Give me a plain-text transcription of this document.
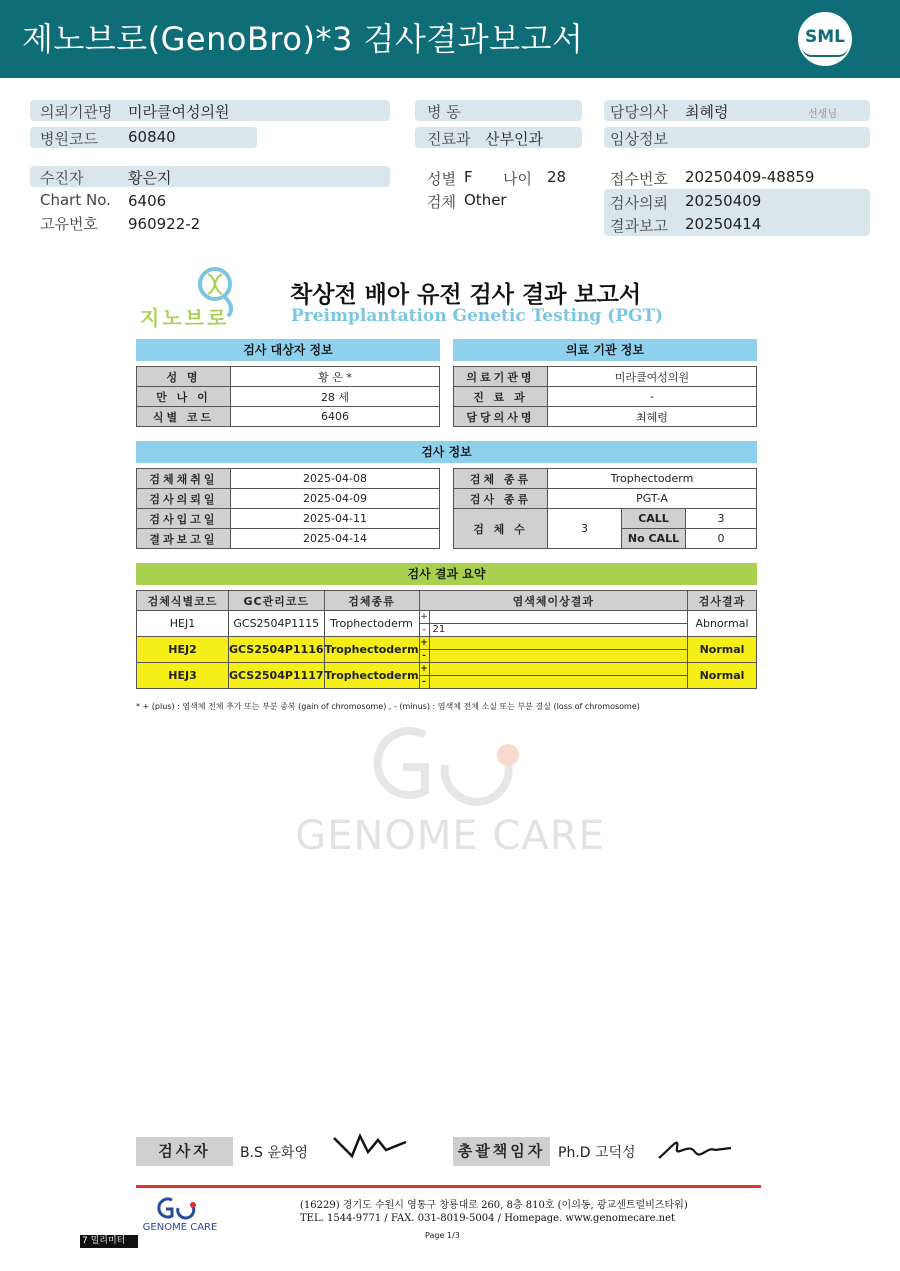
제노브로(GenoBro)*3 검사결과보고서	SML
의뢰기관명 미라클여성의원
병원코드 60840
병 동
진료과 산부인과
담당의사 최혜령	선생님
임상정보
수진자	황은지
Chart No. 6406
고유번호 960922-2
성별 F 나이 28
검체 Other
접수번호 20250409-48859
검사의뢰 20250409
결과보고 20250414
지노브로
착상전 배아 유전 검사 결과 보고서
Preimplantation Genetic Testing (PGT)
검사 대상자 정보	의료 기관 정보
성 명	황 은 *
만 나 이	28 세
식별 코드	6406
의료기관명	미라클여성의원
진 료 과	-
담당의사명	최혜령
검사 정보
검체채취일	2025-04-08
검사의뢰일	2025-04-09
검사입고일	2025-04-11
결과보고일	2025-04-14
검체 종류	Trophectoderm		
검사 종류	PGT-A		
검 체 수	3	CALL	3
		No CALL	0
검사 결과 요약
검체식별코드	GC관리코드	검체종류	염색체이상결과		검사결과
HEJ1	GCS2504P1115	Trophectoderm	+		Abnormal
			-	21	
HEJ2	GCS2504P1116	Trophectoderm	+		Normal
			-		
HEJ3	GCS2504P1117	Trophectoderm	+		Normal
			-		
* + (plus) : 염색체 전체 추가 또는 부분 중복 (gain of chromosome) , - (minus) : 염색체 전체 소실 또는 부분 결실 (loss of chromosome)
GENOME CARE
검사자	B.S 윤화영	총괄책임자 Ph.D 고덕성
GENOME CARE
(16229) 경기도 수원시 영통구 창룡대로 260, 8층 810호 (이의동, 광교센트럴비즈타워)
TEL. 1544-9771 / FAX. 031-8019-5004 / Homepage. www.genomecare.net
Page 1/3
7 밀리미터
